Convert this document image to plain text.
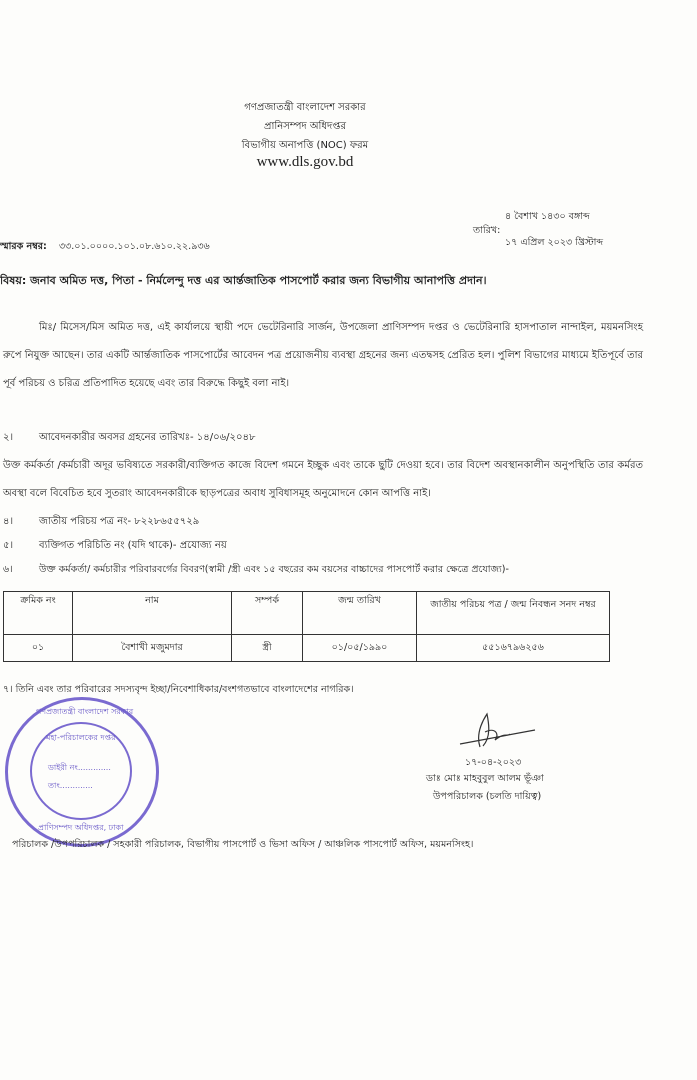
গণপ্রজাতন্ত্রী বাংলাদেশ সরকার
প্রানিসম্পদ অধিদপ্তর
বিভাগীয় অনাপত্তি (NOC) ফরম
www.dls.gov.bd
৪ বৈশাখ ১৪৩০ বঙ্গাব্দ
তারিখ:
১৭ এপ্রিল ২০২৩ খ্রিস্টাব্দ
স্মারক নম্বর: ৩৩.০১.০০০০.১০১.০৮.৬১০.২২.৯৩৬
বিষয়: জনাব অমিত দত্ত, পিতা - নির্মলেন্দু দত্ত এর আর্ন্তজাতিক পাসপোর্ট করার জন্য বিভাগীয় আনাপত্তি প্রদান।
মিঃ/ মিসেস/মিস অমিত দত্ত, এই কার্যালয়ে স্থায়ী পদে ভেটেরিনারি সার্জন, উপজেলা প্রাণিসম্পদ দপ্তর ও ভেটেরিনারি হাসপাতাল নান্দাইল, ময়মনসিংহ রুপে নিযুক্ত আছেন। তার একটি আর্ন্তজাতিক পাসপোর্টের আবেদন পত্র প্রয়োজনীয় ব্যবস্থা গ্রহনের জন্য এতদ্বসহ প্রেরিত হল। পুলিশ বিভাগের মাধ্যমে ইতিপূর্বে তার পূর্ব পরিচয় ও চরিত্র প্রতিপাদিত হয়েছে এবং তার বিরুদ্ধে কিছুই বলা নাই।
২।	আবেদনকারীর অবসর গ্রহনের তারিখঃ- ১৪/০৬/২০৪৮
উক্ত কর্মকর্তা /কর্মচারী অদূর ভবিষ্যতে সরকারী/ব্যক্তিগত কাজে বিদেশ গমনে ইচ্ছুক এবং তাকে ছুটি দেওয়া হবে। তার বিদেশ অবস্থানকালীন অনুপস্থিতি তার কর্মরত অবস্থা বলে বিবেচিত হবে সুতরাং আবেদনকারীকে ছাড়পত্রের অবাধ সুবিধাসমূহ অনুমোদনে কোন আপত্তি নাই।
৪।	জাতীয় পরিচয় পত্র নং- ৮২২৮৬৫৫৭২৯
৫।	ব্যক্তিগত পরিচিতি নং (যদি থাকে)- প্রযোজ্য নয়
৬।	উক্ত কর্মকর্তা/ কর্মচারীর পরিবারবর্গের বিবরণ(স্বামী /স্ত্রী এবং ১৫ বছরের কম বয়সের বাচ্চাদের পাসপোর্ট করার ক্ষেত্রে প্রযোজ্য)-
ক্রমিক নং	নাম	সম্পর্ক	জন্ম তারিখ	জাতীয় পরিচয় পত্র / জন্ম নিবন্ধন সনদ নম্বর
০১	বৈশাখী মজুমদার	স্ত্রী	০১/০৫/১৯৯০	৫৫১৬৭৯৬২৫৬
৭। তিনি এবং তার পরিবারের সদস্যবৃন্দ ইচ্ছা/নিবেশাধিকার/বংশগতভাবে বাংলাদেশের নাগরিক।
গণপ্রজাতন্ত্রী বাংলাদেশ সরকার
মহা-পরিচালকের দপ্তর
ডাইরী নং.............
তাং.............
প্রাণিসম্পদ অধিদপ্তর, ঢাকা
১৭-০৪-২০২৩
ডাঃ মোঃ মাহবুবুল আলম ভূঁঞা
উপপরিচালক (চলতি দায়িত্ব)
পরিচালক /উপপরিচালক / সহকারী পরিচালক, বিভাগীয় পাসপোর্ট ও ভিসা অফিস / আঞ্চলিক পাসপোর্ট অফিস, ময়মনসিংহ।
